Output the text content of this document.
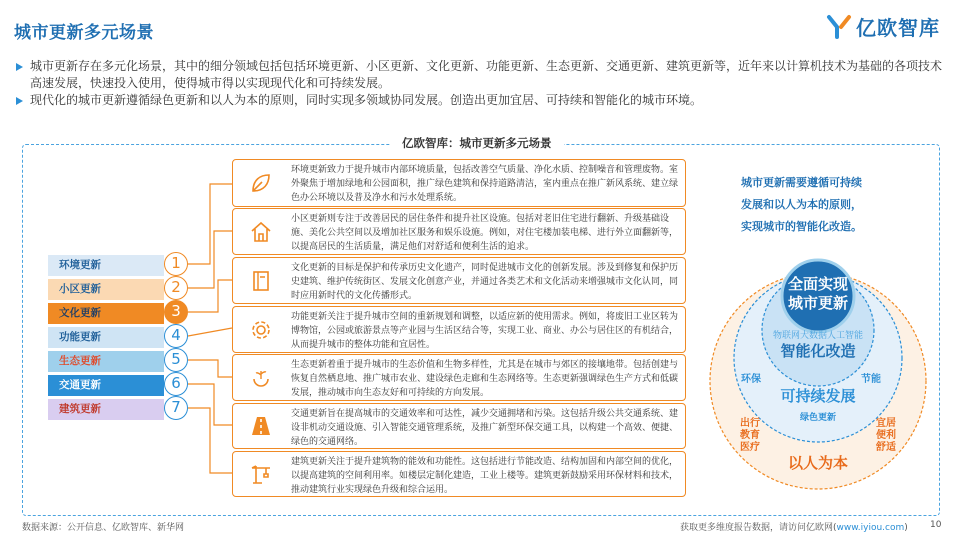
城市更新多元场景	亿欧智库
城市更新存在多元化场景，其中的细分领域包括包括环境更新、小区更新、文化更新、功能更新、生态更新、交通更新、建筑更新等，近年来以计算机技术为基础的各项技术高速发展，快速投入使用，使得城市得以实现现代化和可持续发展。
现代化的城市更新遵循绿色更新和以人为本的原则，同时实现多领域协同发展。创造出更加宜居、可持续和智能化的城市环境。
亿欧智库：城市更新多元场景
环境更新
小区更新
文化更新
功能更新
生态更新
交通更新
建筑更新
1
2
3
4
5
6
7
环境更新致力于提升城市内部环境质量，包括改善空气质量、净化水质、控制噪音和管理废物。室外聚焦于增加绿地和公园面积，推广绿色建筑和保持道路清洁，室内重点在推广新风系统、建立绿色办公环境以及普及净水和污水处理系统。
小区更新则专注于改善居民的居住条件和提升社区设施。包括对老旧住宅进行翻新、升级基础设施、美化公共空间以及增加社区服务和娱乐设施。例如，对住宅楼加装电梯、进行外立面翻新等，以提高居民的生活质量，满足他们对舒适和便利生活的追求。
文化更新的目标是保护和传承历史文化遗产，同时促进城市文化的创新发展。涉及到修复和保护历史建筑、维护传统街区、发展文化创意产业，并通过各类艺术和文化活动来增强城市文化认同，同时应用新时代的文化传播形式。
功能更新关注于提升城市空间的重新规划和调整，以适应新的使用需求。例如，将废旧工业区转为博物馆，公园或旅游景点等产业园与生活区结合等，实现工业、商业、办公与居住区的有机结合，从而提升城市的整体功能和宜居性。
生态更新着重于提升城市的生态价值和生物多样性，尤其是在城市与郊区的接壤地带。包括创建与恢复自然栖息地、推广城市农业、建设绿色走廊和生态网络等。生态更新强调绿色生产方式和低碳发展，推动城市向生态友好和可持续的方向发展。
交通更新旨在提高城市的交通效率和可达性，减少交通拥堵和污染。这包括升级公共交通系统、建设非机动交通设施、引入智能交通管理系统，及推广新型环保交通工具，以构建一个高效、便捷、绿色的交通网络。
建筑更新关注于提升建筑物的能效和功能性。这包括进行节能改造、结构加固和内部空间的优化，以提高建筑的空间利用率。如楼层定制化建造，工业上楼等。建筑更新鼓励采用环保材料和技术，推动建筑行业实现绿色升级和综合运用。
城市更新需要遵循可持续
发展和以人为本的原则，
实现城市的智能化改造。
全面实现
城市更新
物联网大数据人工智能
智能化改造
环保	节能
可持续发展
绿色更新
出行
教育
医疗
宜居
便利
舒适
以人为本
数据来源：公开信息、亿欧智库、新华网	获取更多维度报告数据，请访问亿欧网(www.iyiou.com) 10
